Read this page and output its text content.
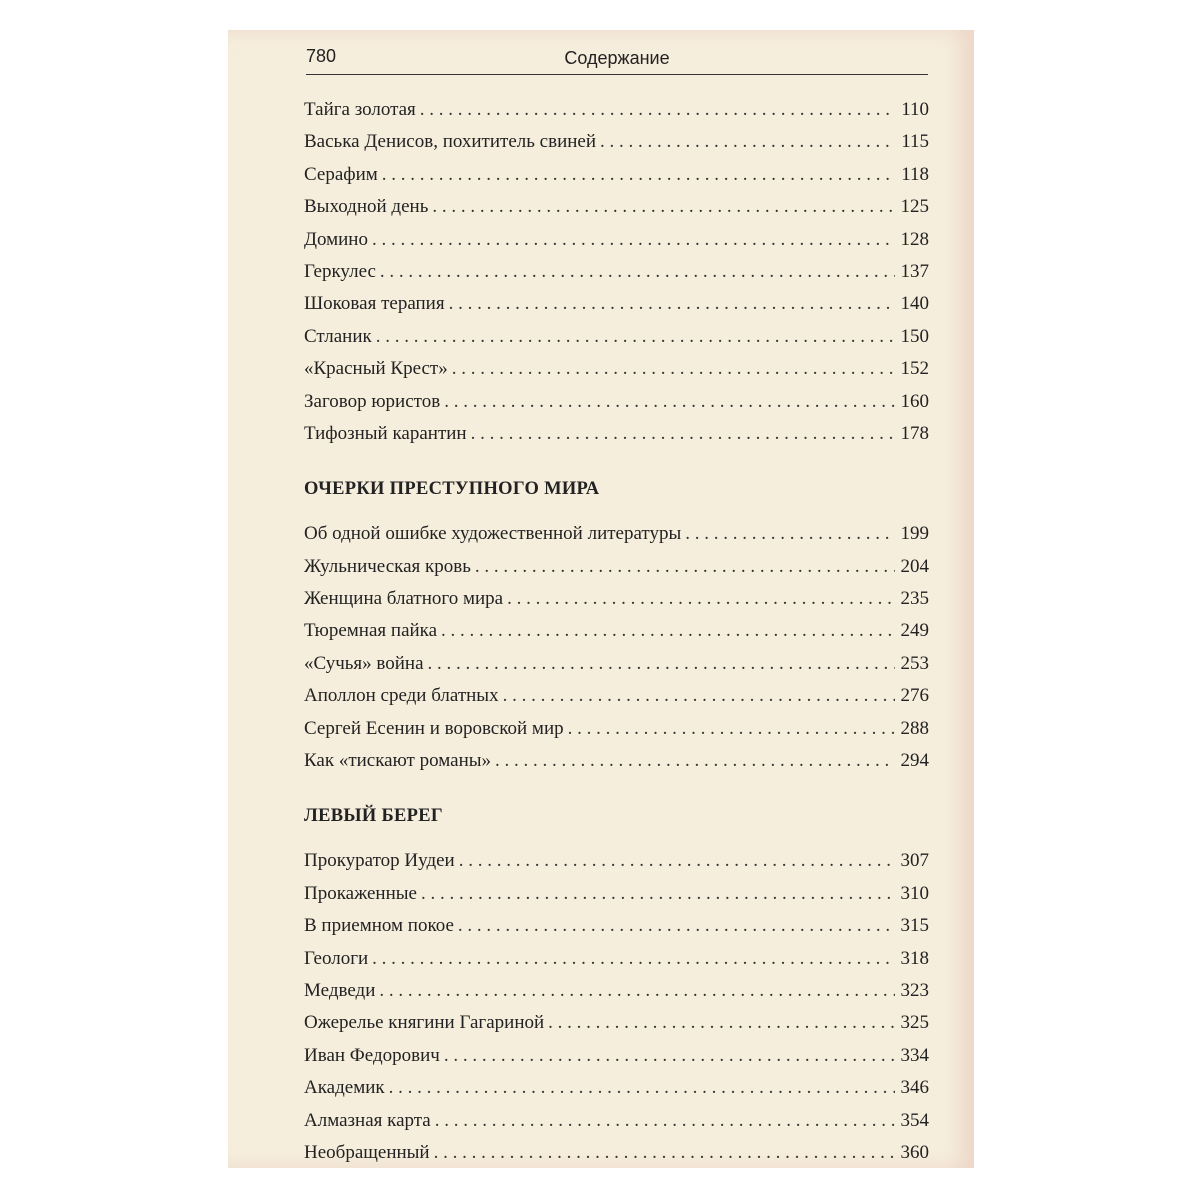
780	Содержание
Тайга золотая . . .	110
Васька Денисов, похититель свиней . . .	115
Серафим . . .	118
Выходной день . . .	125
Домино . . .	128
Геркулес . . .	137
Шоковая терапия . . .	140
Стланик . . .	150
«Красный Крест» . . .	152
Заговор юристов . . .	160
Тифозный карантин . . .	178
ОЧЕРКИ ПРЕСТУПНОГО МИРА
Об одной ошибке художественной литературы . . .	199
Жульническая кровь . . .	204
Женщина блатного мира . . .	235
Тюремная пайка . . .	249
«Сучья» война . . .	253
Аполлон среди блатных . . .	276
Сергей Есенин и воровской мир . . .	288
Как «тискают романы» . . .	294
ЛЕВЫЙ БЕРЕГ
Прокуратор Иудеи . . .	307
Прокаженные . . .	310
В приемном покое . . .	315
Геологи . . .	318
Медведи . . .	323
Ожерелье княгини Гагариной . . .	325
Иван Федорович . . .	334
Академик . . .	346
Алмазная карта . . .	354
Необращенный . . .	360
